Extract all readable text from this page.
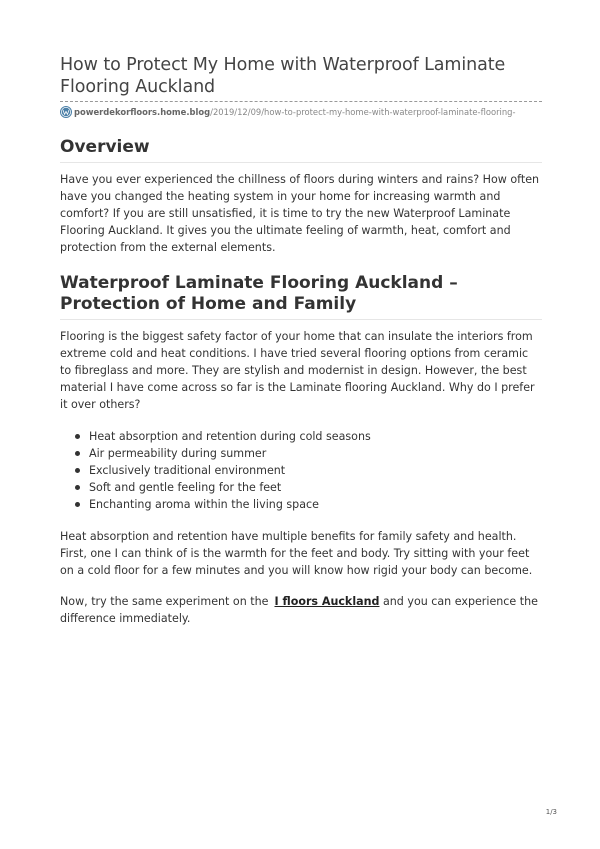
How to Protect My Home with Waterproof Laminate Flooring Auckland
powerdekorfloors.home.blog/2019/12/09/how-to-protect-my-home-with-waterproof-laminate-flooring-
Overview

Have you ever experienced the chillness of floors during winters and rains? How often have you changed the heating system in your home for increasing warmth and comfort? If you are still unsatisfied, it is time to try the new Waterproof Laminate Flooring Auckland. It gives you the ultimate feeling of warmth, heat, comfort and protection from the external elements.

Waterproof Laminate Flooring Auckland – Protection of Home and Family

Flooring is the biggest safety factor of your home that can insulate the interiors from extreme cold and heat conditions. I have tried several flooring options from ceramic to fibreglass and more. They are stylish and modernist in design. However, the best material I have come across so far is the Laminate flooring Auckland. Why do I prefer it over others?

Heat absorption and retention during cold seasons
Air permeability during summer
Exclusively traditional environment
Soft and gentle feeling for the feet
Enchanting aroma within the living space

Heat absorption and retention have multiple benefits for family safety and health. First, one I can think of is the warmth for the feet and body. Try sitting with your feet on a cold floor for a few minutes and you will know how rigid your body can become.

Now, try the same experiment on the I floors Auckland and you can experience the difference immediately.

1/3
